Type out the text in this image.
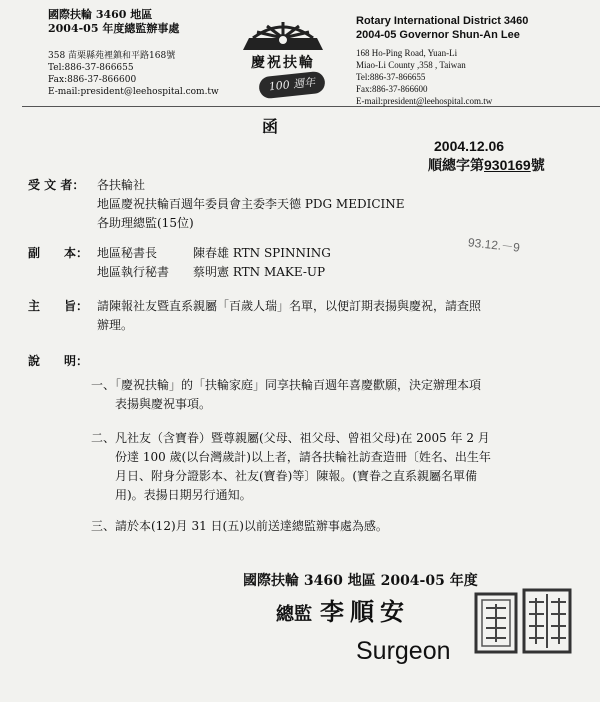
國際扶輪 3460 地區
2004-05 年度總監辦事處
358 苗栗縣苑裡鎮和平路168號
Tel:886-37-866655
Fax:886-37-866600
E-mail:president@leehospital.com.tw
慶祝扶輪
100 週年
Rotary International District 3460
2004-05 Governor Shun-An Lee
168 Ho-Ping Road, Yuan-Li
Miao-Li County ,358 , Taiwan
Tel:886-37-866655
Fax:886-37-866600
E-mail:president@leehospital.com.tw
函
2004.12.06
順總字第930169號
受 文 者： 各扶輪社
地區慶祝扶輪百週年委員會主委李天德 PDG MEDICINE
各助理總監(15位)
副　　本： 地區秘書長　　　陳春雄 RTN SPINNING
地區執行秘書　　蔡明憲 RTN MAKE-UP
93.12.－9
主　　旨： 請陳報社友暨直系親屬「百歲人瑞」名單，以便訂期表揚與慶祝，請查照
辦理。
說　　明：
一、「慶祝扶輪」的「扶輪家庭」同享扶輪百週年喜慶歡願，決定辦理本項
　　表揚與慶祝事項。
二、凡社友（含寶眷）暨尊親屬(父母、祖父母、曾祖父母)在 2005 年 2 月
　　份達 100 歲(以台灣歲計)以上者，請各扶輪社訪查造冊〔姓名、出生年
　　月日、附身分證影本、社友(寶眷)等〕陳報。(寶眷之直系親屬名單備
　　用)。表揚日期另行通知。
三、請於本(12)月 31 日(五)以前送達總監辦事處為感。
國際扶輪 3460 地區 2004-05 年度
總監 李順安
Surgeon
